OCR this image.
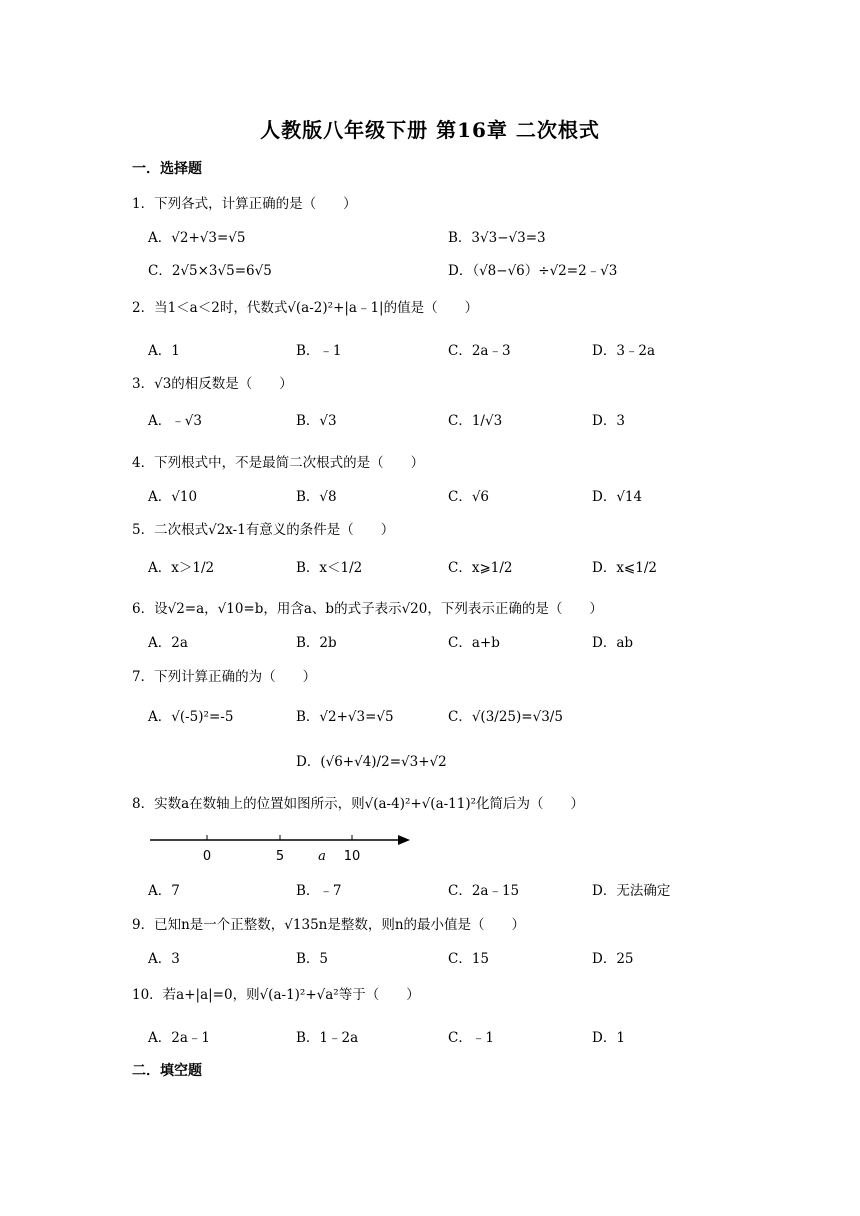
人教版八年级下册 第16章 二次根式
一．选择题
1．下列各式，计算正确的是（　　）
A．√2+√3=√5	B．3√3−√3=3
C．2√5×3√5=6√5	D．（√8−√6）÷√2=2﹣√3
2．当1＜a＜2时，代数式√(a-2)²+|a﹣1|的值是（　　）
A．1	B．﹣1	C．2a﹣3	D．3﹣2a
3．√3的相反数是（　　）
A．﹣√3	B．√3	C．1/√3	D．3
4．下列根式中，不是最简二次根式的是（　　）
A．√10	B．√8	C．√6	D．√14
5．二次根式√2x-1有意义的条件是（　　）
A．x＞1/2	B．x＜1/2	C．x⩾1/2	D．x⩽1/2
6．设√2=a，√10=b，用含a、b的式子表示√20，下列表示正确的是（　　）
A．2a	B．2b	C．a+b	D．ab
7．下列计算正确的为（　　）
A．√(-5)²=-5	B．√2+√3=√5	C．√(3/25)=√3/5
D．(√6+√4)/2=√3+√2
8．实数a在数轴上的位置如图所示，则√(a-4)²+√(a-11)²化简后为（　　）
0	5	a 10
A．7	B．﹣7	C．2a﹣15	D．无法确定
9．已知n是一个正整数，√135n是整数，则n的最小值是（　　）
A．3	B．5	C．15	D．25
10．若a+|a|=0，则√(a-1)²+√a²等于（　　）
A．2a﹣1	B．1﹣2a	C．﹣1	D．1
二．填空题
